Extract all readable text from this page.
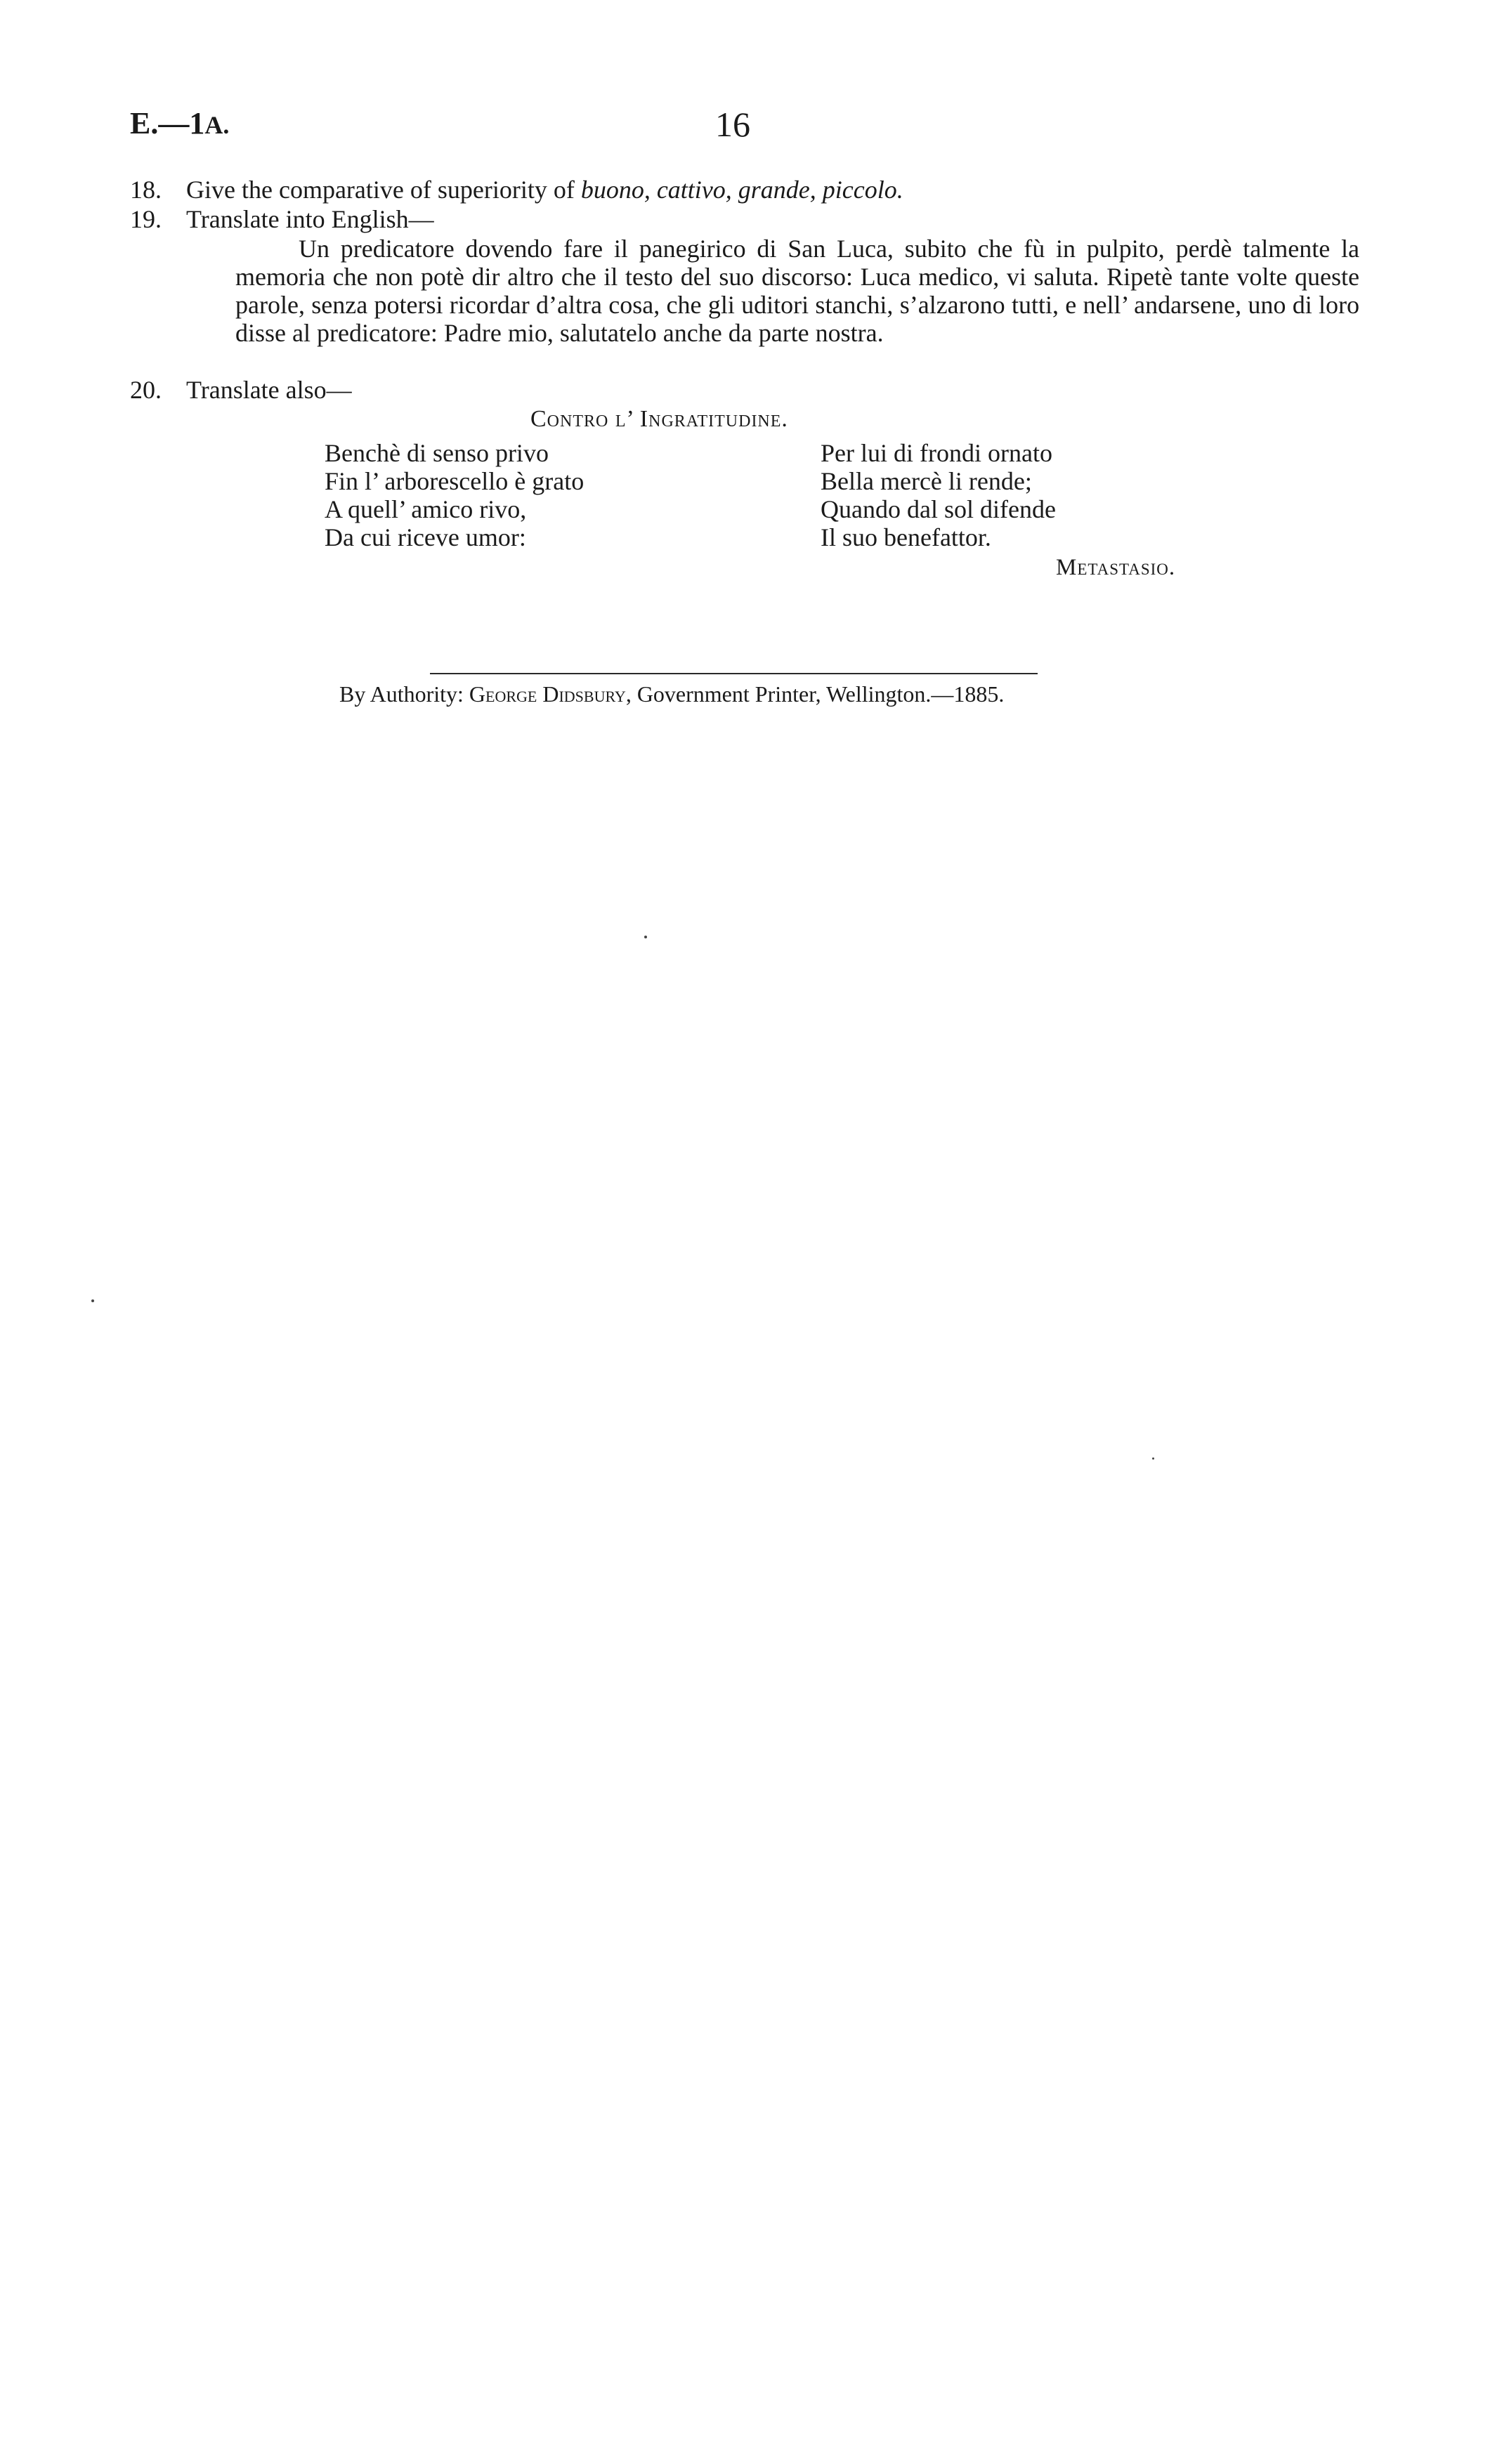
E.—1A.	16
18. Give the comparative of superiority of buono, cattivo, grande, piccolo.
19. Translate into English—
Un predicatore dovendo fare il panegirico di San Luca, subito che fù in pulpito, perdè talmente la memoria che non potè dir altro che il testo del suo discorso: Luca medico, vi saluta. Ripetè tante volte queste parole, senza potersi ricordar d’altra cosa, che gli uditori stanchi, s’alzarono tutti, e nell’ andarsene, uno di loro disse al predicatore: Padre mio, salutatelo anche da parte nostra.
20. Translate also—
Contro l’ Ingratitudine.
Benchè di senso privo
Fin l’ arborescello è grato
A quell’ amico rivo,
Da cui riceve umor:
Per lui di frondi ornato
Bella mercè li rende;
Quando dal sol difende
Il suo benefattor.
Metastasio.
By Authority: George Didsbury, Government Printer, Wellington.—1885.
